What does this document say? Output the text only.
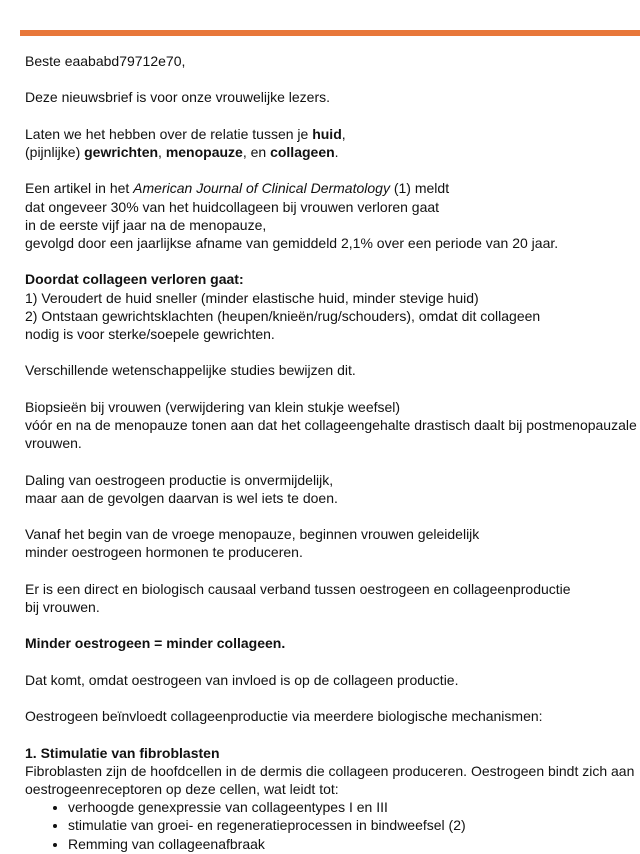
Beste eaababd79712e70,
Deze nieuwsbrief is voor onze vrouwelijke lezers.
Laten we het hebben over de relatie tussen je huid,
(pijnlijke) gewrichten, menopauze, en collageen.
Een artikel in het American Journal of Clinical Dermatology (1) meldt
dat ongeveer 30% van het huidcollageen bij vrouwen verloren gaat
in de eerste vijf jaar na de menopauze,
gevolgd door een jaarlijkse afname van gemiddeld 2,1% over een periode van 20 jaar.
Doordat collageen verloren gaat:
1) Veroudert de huid sneller (minder elastische huid, minder stevige huid)
2) Ontstaan gewrichtsklachten (heupen/knieën/rug/schouders), omdat dit collageen
nodig is voor sterke/soepele gewrichten.
Verschillende wetenschappelijke studies bewijzen dit.
Biopsieën bij vrouwen (verwijdering van klein stukje weefsel)
vóór en na de menopauze tonen aan dat het collageengehalte drastisch daalt bij postmenopauzale
vrouwen.
Daling van oestrogeen productie is onvermijdelijk,
maar aan de gevolgen daarvan is wel iets te doen.
Vanaf het begin van de vroege menopauze, beginnen vrouwen geleidelijk
minder oestrogeen hormonen te produceren.
Er is een direct en biologisch causaal verband tussen oestrogeen en collageenproductie
bij vrouwen.
Minder oestrogeen = minder collageen.
Dat komt, omdat oestrogeen van invloed is op de collageen productie.
Oestrogeen beïnvloedt collageenproductie via meerdere biologische mechanismen:
1. Stimulatie van fibroblasten
Fibroblasten zijn de hoofdcellen in de dermis die collageen produceren. Oestrogeen bindt zich aan
oestrogeenreceptoren op deze cellen, wat leidt tot:
• verhoogde genexpressie van collageentypes I en III
• stimulatie van groei- en regeneratieprocessen in bindweefsel (2)
• Remming van collageenafbraak
